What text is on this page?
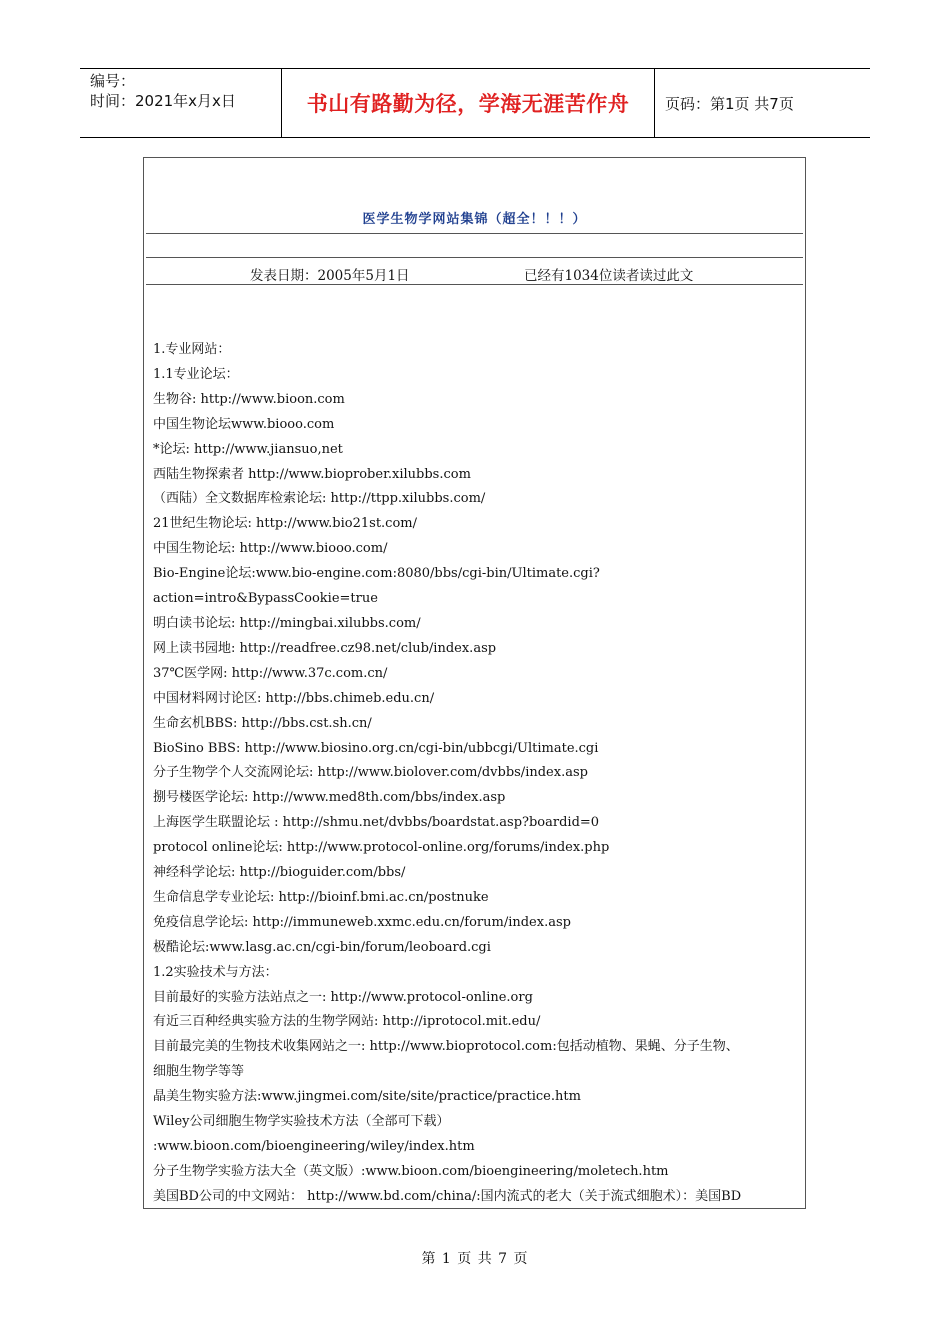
编号：
时间：2021年x月x日	书山有路勤为径，学海无涯苦作舟	页码：第1页 共7页
医学生物学网站集锦（超全！！！）
发表日期：2005年5月1日	已经有1034位读者读过此文
1.专业网站：
1.1专业论坛：
生物谷: http://www.bioon.com
中国生物论坛www.biooo.com
*论坛: http://www.jiansuo,net
西陆生物探索者 http://www.bioprober.xilubbs.com
（西陆）全文数据库检索论坛: http://ttpp.xilubbs.com/
21世纪生物论坛: http://www.bio21st.com/
中国生物论坛: http://www.biooo.com/
Bio-Engine论坛:www.bio-engine.com:8080/bbs/cgi-bin/Ultimate.cgi?
action=intro&BypassCookie=true
明白读书论坛: http://mingbai.xilubbs.com/
网上读书园地: http://readfree.cz98.net/club/index.asp
37℃医学网: http://www.37c.com.cn/
中国材料网讨论区: http://bbs.chimeb.edu.cn/
生命玄机BBS: http://bbs.cst.sh.cn/
BioSino BBS: http://www.biosino.org.cn/cgi-bin/ubbcgi/Ultimate.cgi
分子生物学个人交流网论坛: http://www.biolover.com/dvbbs/index.asp
捌号楼医学论坛: http://www.med8th.com/bbs/index.asp
上海医学生联盟论坛 : http://shmu.net/dvbbs/boardstat.asp?boardid=0
protocol online论坛: http://www.protocol-online.org/forums/index.php
神经科学论坛: http://bioguider.com/bbs/
生命信息学专业论坛: http://bioinf.bmi.ac.cn/postnuke
免疫信息学论坛: http://immuneweb.xxmc.edu.cn/forum/index.asp
极酷论坛:www.lasg.ac.cn/cgi-bin/forum/leoboard.cgi
1.2实验技术与方法：
目前最好的实验方法站点之一: http://www.protocol-online.org
有近三百种经典实验方法的生物学网站: http://iprotocol.mit.edu/
目前最完美的生物技术收集网站之一: http://www.bioprotocol.com:包括动植物、果蝇、分子生物、
细胞生物学等等
晶美生物实验方法:www.jingmei.com/site/site/practice/practice.htm
Wiley公司细胞生物学实验技术方法（全部可下载）
:www.bioon.com/bioengineering/wiley/index.htm
分子生物学实验方法大全（英文版）:www.bioon.com/bioengineering/moletech.htm
美国BD公司的中文网站： http://www.bd.com/china/:国内流式的老大（关于流式细胞术）：美国BD
第 1 页 共 7 页
